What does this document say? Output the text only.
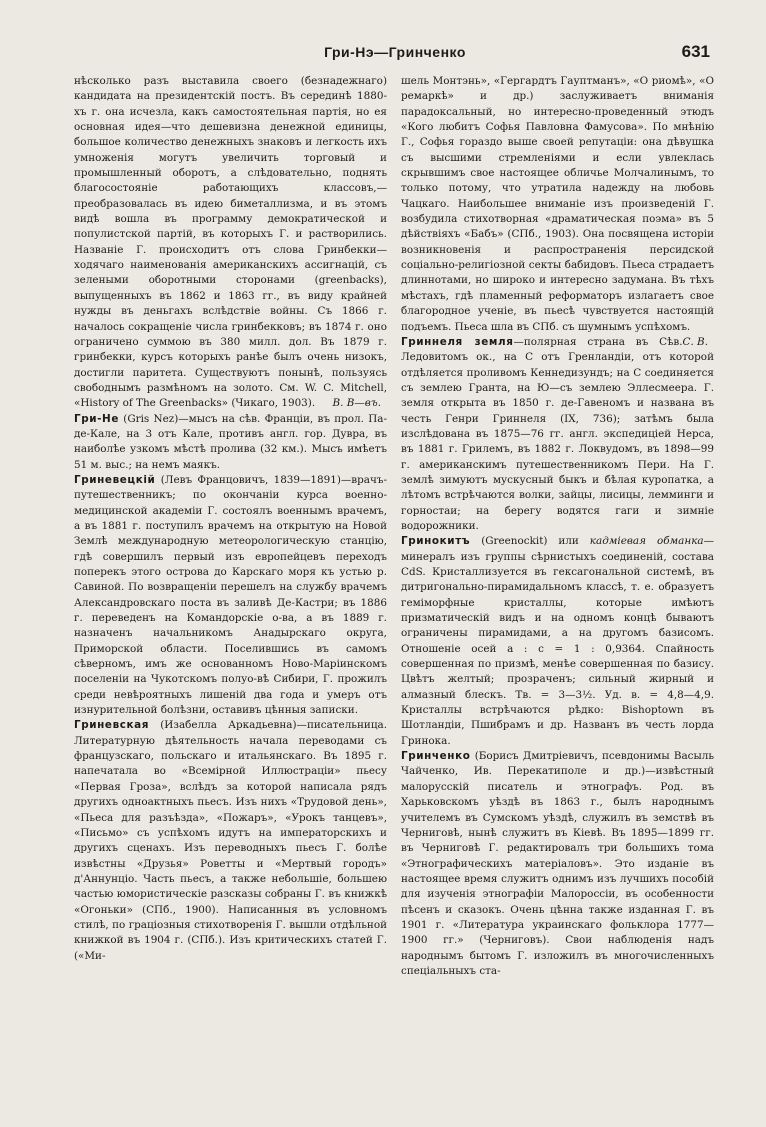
Гри-Нэ—Гринченко	631

нѣсколько разъ выставила своего (безнадежнаго) кандидата на президентскій постъ. Въ серединѣ 1880-хъ г. она исчезла, какъ самостоятельная партія, но ея основная идея—что дешевизна денежной единицы, большое количество денежныхъ знаковъ и легкость ихъ умноженія могутъ увеличить торговый и промышленный оборотъ, а слѣдовательно, поднять благосостояніе работающихъ классовъ,—преобразовалась въ идею биметаллизма, и въ этомъ видѣ вошла въ программу демократической и популистской партій, въ которыхъ Г. и растворились. Названіе Г. происходитъ отъ слова Гринбекки—ходячаго наименованія американскихъ ассигнацій, съ зелеными оборотными сторонами (greenbacks), выпущенныхъ въ 1862 и 1863 гг., въ виду крайней нужды въ деньгахъ вслѣдствіе войны. Съ 1866 г. началось сокращеніе числа гринбекковъ; въ 1874 г. оно ограничено суммою въ 380 милл. дол. Въ 1879 г. гринбекки, курсъ которыхъ ранѣе былъ очень низокъ, достигли паритета. Существуютъ понынѣ, пользуясь свободнымъ размѣномъ на золото. См. W. C. Mitchell, «History of The Greenbacks» (Чикаго, 1903). В. В—въ.

Гри-Не (Gris Nez)—мысъ на сѣв. Франціи, въ прол. Па-де-Кале, на 3 отъ Кале, противъ англ. гор. Дувра, въ наиболѣе узкомъ мѣстѣ пролива (32 км.). Мысъ имѣетъ 51 м. выс.; на немъ маякъ.

Гриневецкій (Левъ Францовичъ, 1839—1891)—врачъ-путешественникъ; по окончаніи курса военно-медицинской академіи Г. состоялъ военнымъ врачемъ, а въ 1881 г. поступилъ врачемъ на открытую на Новой Землѣ международную метеорологическую станцію, гдѣ совершилъ первый изъ европейцевъ переходъ поперекъ этого острова до Карскаго моря къ устью р. Савиной. По возвращеніи перешелъ на службу врачемъ Александровскаго поста въ заливѣ Де-Кастри; въ 1886 г. переведенъ на Командорскіе о-ва, а въ 1889 г. назначенъ начальникомъ Анадырскаго округа, Приморской области. Поселившись въ самомъ сѣверномъ, имъ же основанномъ Ново-Маріинскомъ поселеніи на Чукотскомъ полуо-вѣ Сибири, Г. прожилъ среди невѣроятныхъ лишеній два года и умеръ отъ изнурительной болѣзни, оставивъ цѣнныя записки.

Гриневская (Изабелла Аркадьевна)—писательница. Литературную дѣятельность начала переводами съ французскаго, польскаго и итальянскаго. Въ 1895 г. напечатала во «Всемірной Иллюстраціи» пьесу «Первая Гроза», вслѣдъ за которой написала рядъ другихъ одноактныхъ пьесъ. Изъ нихъ «Трудовой день», «Пьеса для разъѣзда», «Пожаръ», «Урокъ танцевъ», «Письмо» съ успѣхомъ идутъ на императорскихъ и другихъ сценахъ. Изъ переводныхъ пьесъ Г. болѣе извѣстны «Друзья» Роветты и «Мертвый городъ» д'Аннунціо. Часть пьесъ, а также небольшіе, большею частью юмористическіе разсказы собраны Г. въ книжкѣ «Огоньки» (СПб., 1900). Написанныя въ условномъ стилѣ, по граціозныя стихотворенія Г. вышли отдѣльной книжкой въ 1904 г. (СПб.). Изъ критическихъ статей Г. («Ми-

шель Монтэнь», «Гергардтъ Гауптманъ», «О риомѣ», «О ремаркѣ» и др.) заслуживаетъ вниманія парадоксальный, но интересно-проведенный этюдъ «Кого любитъ Софья Павловна Фамусова». По мнѣнію Г., Софья гораздо выше своей репутаціи: она дѣвушка съ высшими стремленіями и если увлеклась скрывшимъ свое настоящее обличье Молчалинымъ, то только потому, что утратила надежду на любовь Чацкаго. Наибольшее вниманіе изъ произведеній Г. возбудила стихотворная «драматическая поэма» въ 5 дѣйствіяхъ «Бабъ» (СПб., 1903). Она посвящена исторіи возникновенія и распространенія персидской соціально-религіозной секты бабидовъ. Пьеса страдаетъ длиннотами, но широко и интересно задумана. Въ тѣхъ мѣстахъ, гдѣ пламенный реформаторъ излагаетъ свое благородное ученіе, въ пьесѣ чувствуется настоящій подъемъ. Пьеса шла въ СПб. съ шумнымъ успѣхомъ.
С. В.

Гриннеля земля—полярная страна въ Сѣв. Ледовитомъ ок., на С отъ Гренландіи, отъ которой отдѣляется проливомъ Кеннедизундъ; на С соединяется съ землею Гранта, на Ю—съ землею Эллесмеера. Г. земля открыта въ 1850 г. де-Гавеномъ и названа въ честь Генри Гриннеля (IX, 736); затѣмъ была изслѣдована въ 1875—76 гг. англ. экспедиціей Нерса, въ 1881 г. Грилемъ, въ 1882 г. Локвудомъ, въ 1898—99 г. американскимъ путешественникомъ Пери. На Г. землѣ зимуютъ мускусный быкъ и бѣлая куропатка, а лѣтомъ встрѣчаются волки, зайцы, лисицы, лемминги и горностаи; на берегу водятся гаги и зимніе водорожники.

Гринокитъ (Greenockit) или кадміевая обманка—минералъ изъ группы сѣрнистыхъ соединеній, состава CdS. Кристаллизуется въ гексагональной системѣ, въ дитригонально-пирамидальномъ классѣ, т. е. образуетъ геміморфные кристаллы, которые имѣютъ призматическій видъ и на одномъ концѣ бываютъ ограничены пирамидами, а на другомъ базисомъ. Отношеніе осей a : c = 1 : 0,9364. Спайность совершенная по призмѣ, менѣе совершенная по базису. Цвѣтъ желтый; прозраченъ; сильный жирный и алмазный блескъ. Тв. = 3—3½. Уд. в. = 4,8—4,9. Кристаллы встрѣчаются рѣдко: Bishoptown въ Шотландіи, Пшибрамъ и др. Названъ въ честь лорда Гринока.

Гринченко (Борисъ Дмитріевичъ, псевдонимы Васыль Чайченко, Ив. Перекатиполе и др.)—извѣстный малорусскій писатель и этнографъ. Род. въ Харьковскомъ уѣздѣ въ 1863 г., былъ народнымъ учителемъ въ Сумскомъ уѣздѣ, служилъ въ земствѣ въ Черниговѣ, нынѣ служитъ въ Кіевѣ. Въ 1895—1899 гг. въ Черниговѣ Г. редактировалъ три большихъ тома «Этнографическихъ матеріаловъ». Это изданіе въ настоящее время служитъ однимъ изъ лучшихъ пособій для изученія этнографіи Малороссіи, въ особенности пѣсенъ и сказокъ. Очень цѣнна также изданная Г. въ 1901 г. «Литература украинскаго фольклора 1777—1900 гг.» (Черниговъ). Свои наблюденія надъ народнымъ бытомъ Г. изложилъ въ многочисленныхъ спеціальныхъ ста-
